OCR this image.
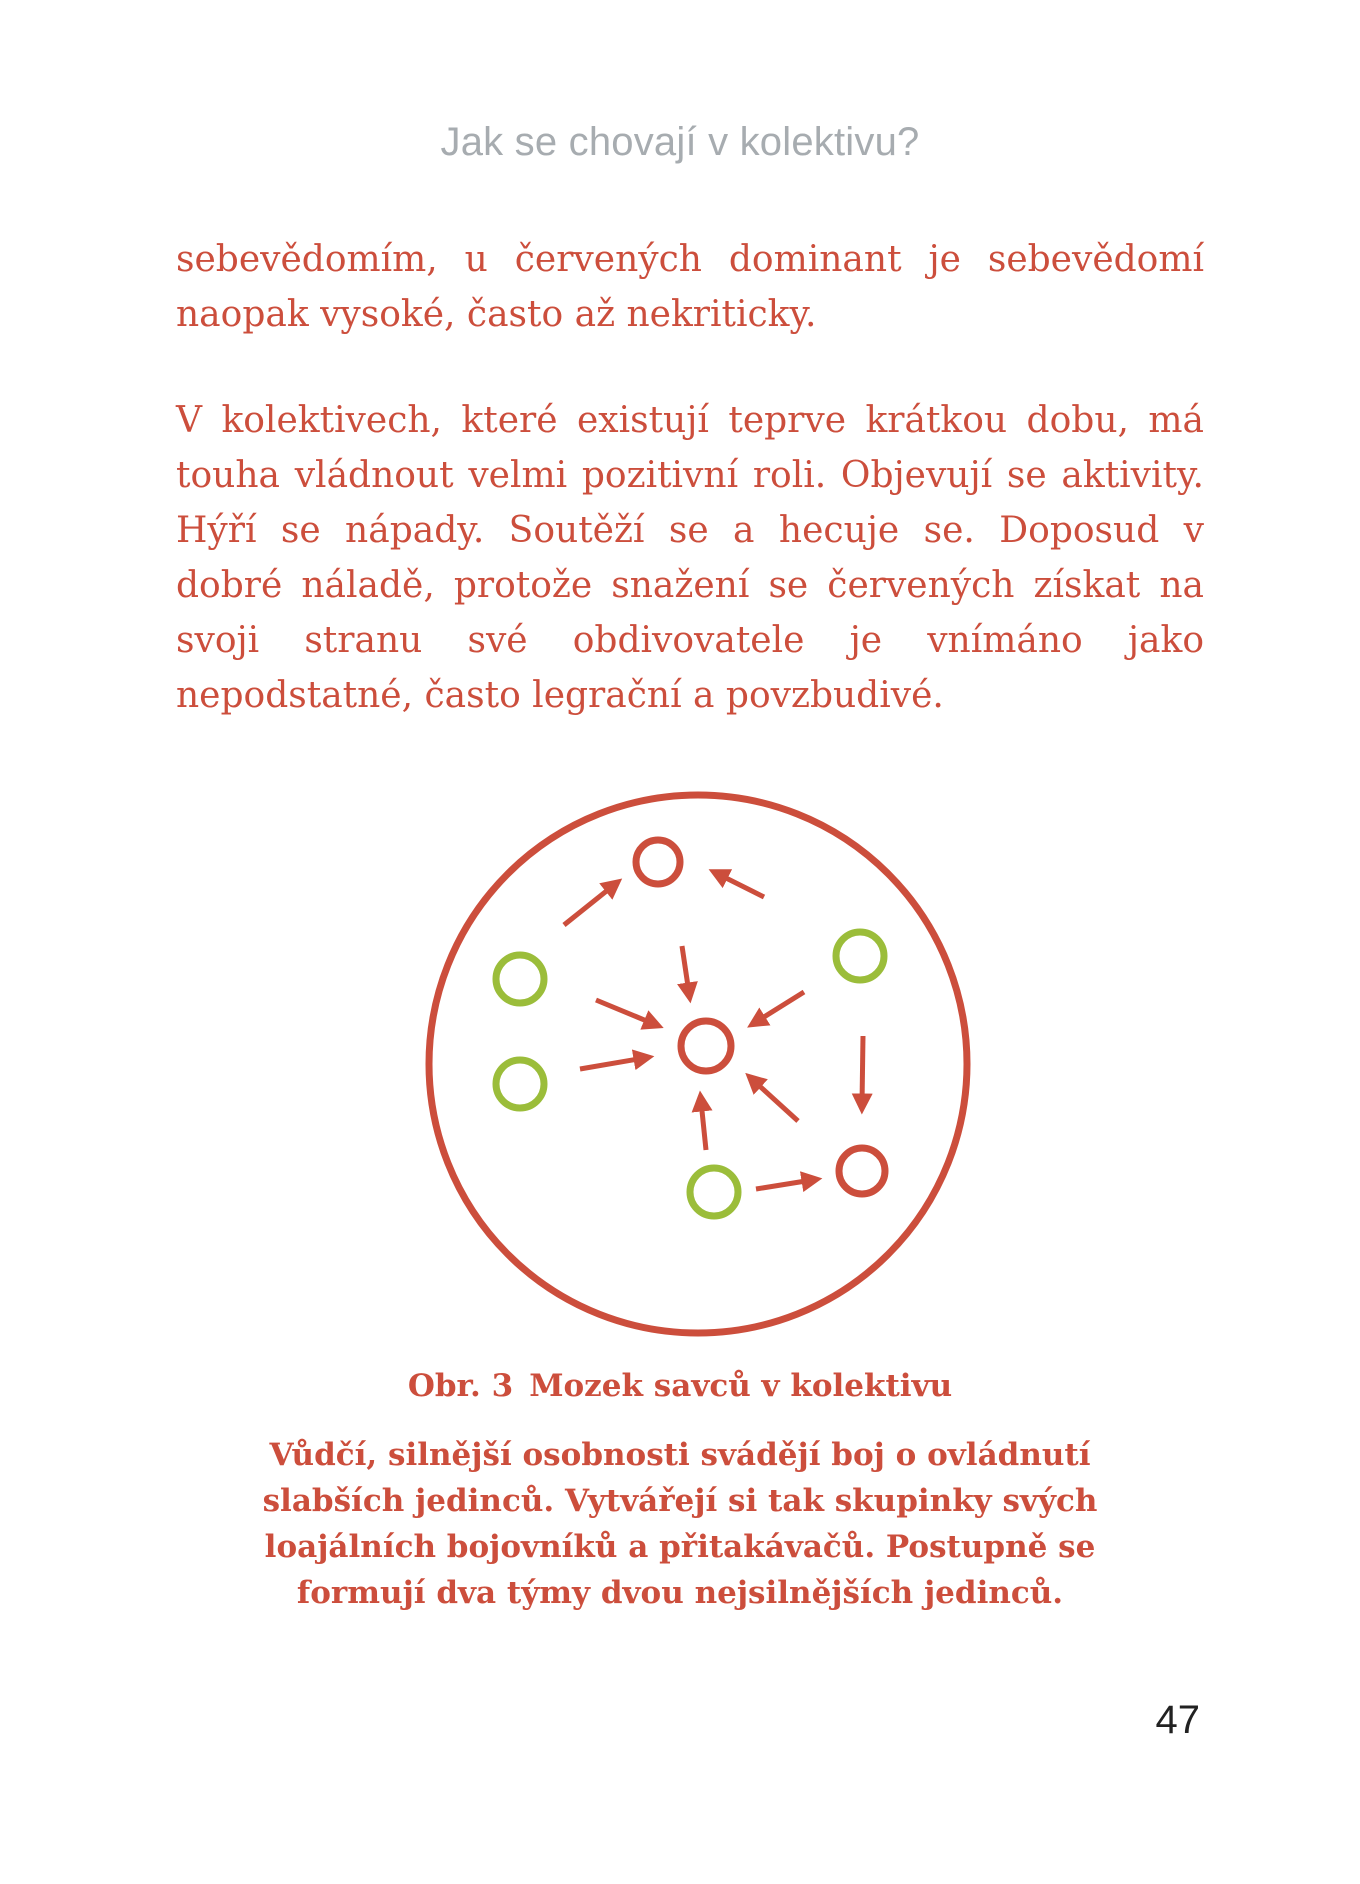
Jak se chovají v kolektivu?

sebevědomím, u červených dominant je sebevědomí naopak vysoké, často až nekriticky.

V kolektivech, které existují teprve krátkou dobu, má touha vládnout velmi pozitivní roli. Objevují se aktivity. Hýří se nápady. Soutěží se a hecuje se. Doposud v dobré náladě, protože snažení se červených získat na svoji stranu své obdivovatele je vnímáno jako nepodstatné, často legrační a povzbudivé.

Obr. 3 Mozek savců v kolektivu

Vůdčí, silnější osobnosti svádějí boj o ovládnutí slabších jedinců. Vytvářejí si tak skupinky svých loajálních bojovníků a přitakávačů. Postupně se formují dva týmy dvou nejsilnějších jedinců.

47
